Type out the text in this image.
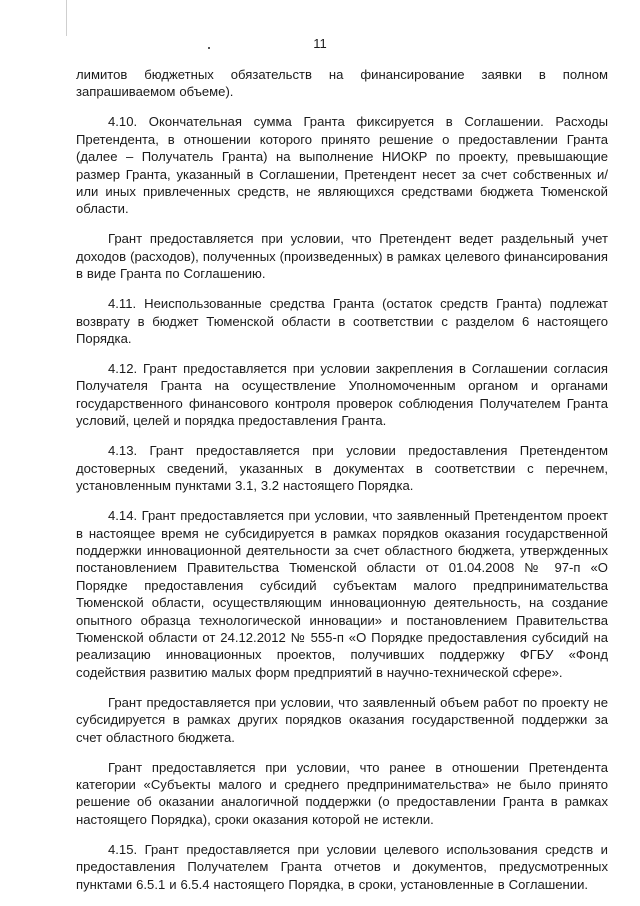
11

лимитов бюджетных обязательств на финансирование заявки в полном запрашиваемом объеме).

4.10. Окончательная сумма Гранта фиксируется в Соглашении. Расходы Претендента, в отношении которого принято решение о предоставлении Гранта (далее – Получатель Гранта) на выполнение НИОКР по проекту, превышающие размер Гранта, указанный в Соглашении, Претендент несет за счет собственных и/или иных привлеченных средств, не являющихся средствами бюджета Тюменской области.

Грант предоставляется при условии, что Претендент ведет раздельный учет доходов (расходов), полученных (произведенных) в рамках целевого финансирования в виде Гранта по Соглашению.

4.11. Неиспользованные средства Гранта (остаток средств Гранта) подлежат возврату в бюджет Тюменской области в соответствии с разделом 6 настоящего Порядка.

4.12. Грант предоставляется при условии закрепления в Соглашении согласия Получателя Гранта на осуществление Уполномоченным органом и органами государственного финансового контроля проверок соблюдения Получателем Гранта условий, целей и порядка предоставления Гранта.

4.13. Грант предоставляется при условии предоставления Претендентом достоверных сведений, указанных в документах в соответствии с перечнем, установленным пунктами 3.1, 3.2 настоящего Порядка.

4.14. Грант предоставляется при условии, что заявленный Претендентом проект в настоящее время не субсидируется в рамках порядков оказания государственной поддержки инновационной деятельности за счет областного бюджета, утвержденных постановлением Правительства Тюменской области от 01.04.2008 № 97-п «О Порядке предоставления субсидий субъектам малого предпринимательства Тюменской области, осуществляющим инновационную деятельность, на создание опытного образца технологической инновации» и постановлением Правительства Тюменской области от 24.12.2012 № 555-п «О Порядке предоставления субсидий на реализацию инновационных проектов, получивших поддержку ФГБУ «Фонд содействия развитию малых форм предприятий в научно-технической сфере».

Грант предоставляется при условии, что заявленный объем работ по проекту не субсидируется в рамках других порядков оказания государственной поддержки за счет областного бюджета.

Грант предоставляется при условии, что ранее в отношении Претендента категории «Субъекты малого и среднего предпринимательства» не было принято решение об оказании аналогичной поддержки (о предоставлении Гранта в рамках настоящего Порядка), сроки оказания которой не истекли.

4.15. Грант предоставляется при условии целевого использования средств и предоставления Получателем Гранта отчетов и документов, предусмотренных пунктами 6.5.1 и 6.5.4 настоящего Порядка, в сроки, установленные в Соглашении.
